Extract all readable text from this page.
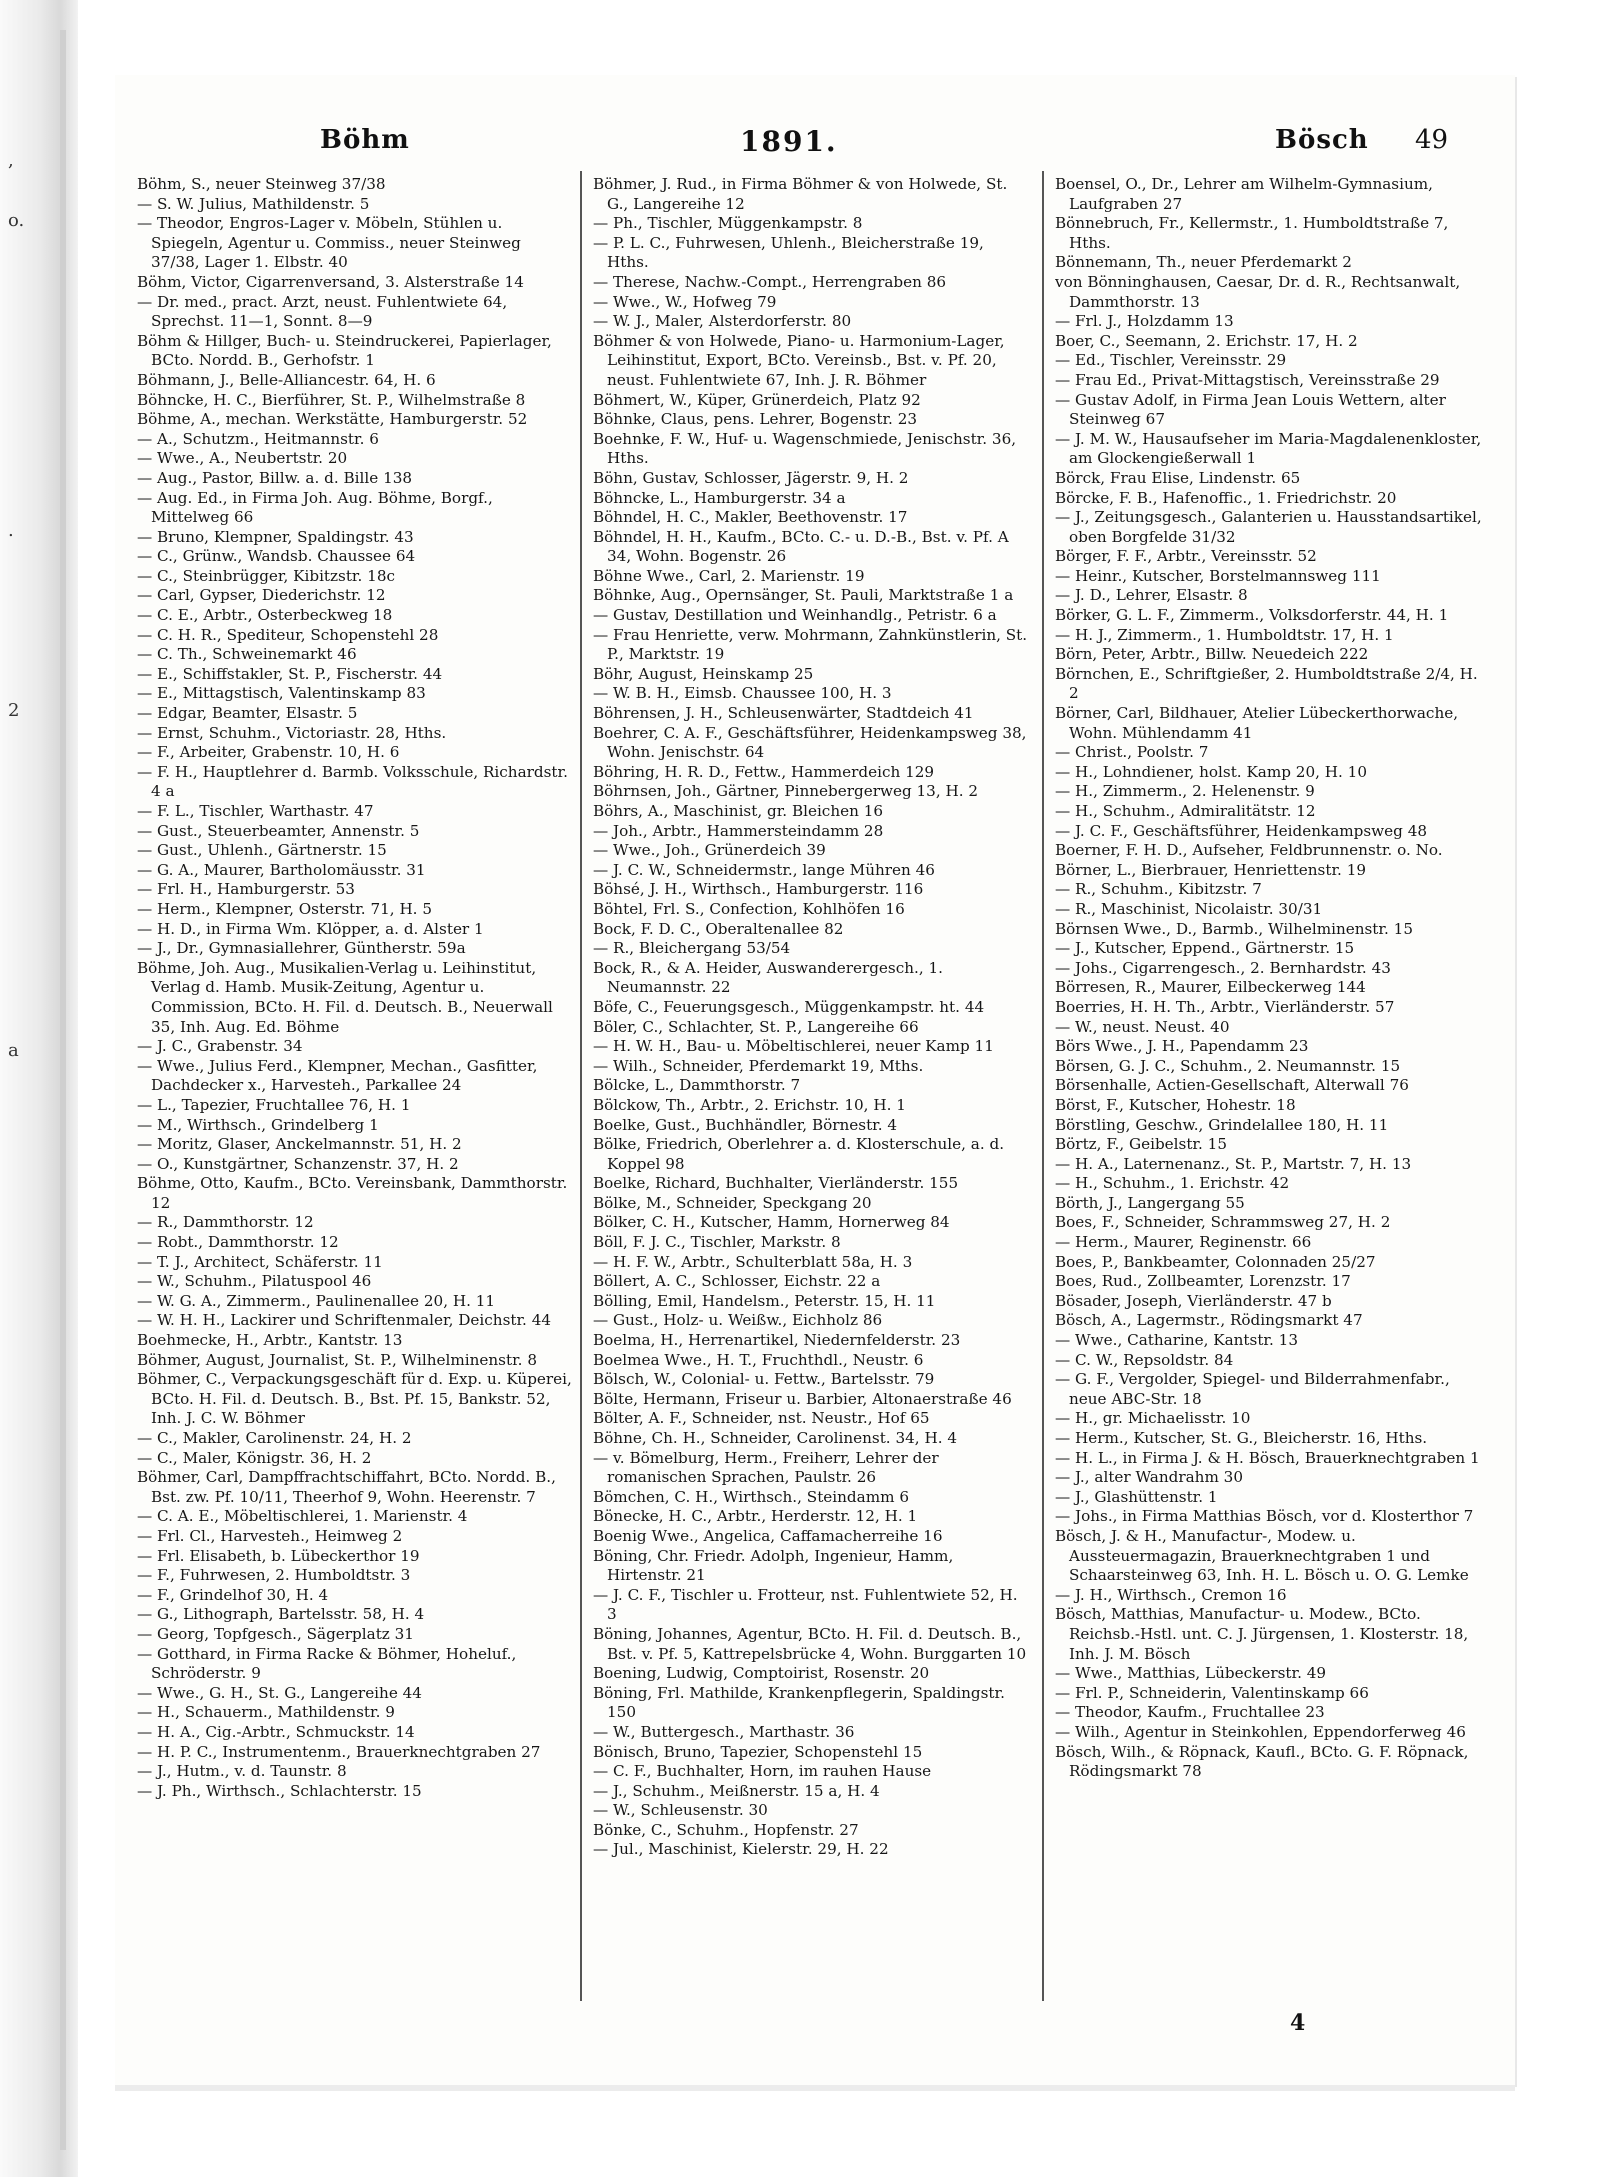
,
o.
.
2
a
Böhm	1891.	Bösch 49

Böhm, S., neuer Steinweg 37/38

— S. W. Julius, Mathildenstr. 5

— Theodor, Engros-Lager v. Möbeln, Stühlen u. Spiegeln, Agentur u. Commiss., neuer Steinweg 37/38, Lager 1. Elbstr. 40

Böhm, Victor, Cigarrenversand, 3. Alsterstraße 14

— Dr. med., pract. Arzt, neust. Fuhlentwiete 64, Sprechst. 11—1, Sonnt. 8—9

Böhm & Hillger, Buch- u. Steindruckerei, Papierlager, BCto. Nordd. B., Gerhofstr. 1

Böhmann, J., Belle-Alliancestr. 64, H. 6

Böhncke, H. C., Bierführer, St. P., Wilhelmstraße 8

Böhme, A., mechan. Werkstätte, Hamburgerstr. 52

— A., Schutzm., Heitmannstr. 6

— Wwe., A., Neubertstr. 20

— Aug., Pastor, Billw. a. d. Bille 138

— Aug. Ed., in Firma Joh. Aug. Böhme, Borgf., Mittelweg 66

— Bruno, Klempner, Spaldingstr. 43

— C., Grünw., Wandsb. Chaussee 64

— C., Steinbrügger, Kibitzstr. 18c

— Carl, Gypser, Diederichstr. 12

— C. E., Arbtr., Osterbeckweg 18

— C. H. R., Spediteur, Schopenstehl 28

— C. Th., Schweinemarkt 46

— E., Schiffstakler, St. P., Fischerstr. 44

— E., Mittagstisch, Valentinskamp 83

— Edgar, Beamter, Elsastr. 5

— Ernst, Schuhm., Victoriastr. 28, Hths.

— F., Arbeiter, Grabenstr. 10, H. 6

— F. H., Hauptlehrer d. Barmb. Volksschule, Richardstr. 4 a

— F. L., Tischler, Warthastr. 47

— Gust., Steuerbeamter, Annenstr. 5

— Gust., Uhlenh., Gärtnerstr. 15

— G. A., Maurer, Bartholomäusstr. 31

— Frl. H., Hamburgerstr. 53

— Herm., Klempner, Osterstr. 71, H. 5

— H. D., in Firma Wm. Klöpper, a. d. Alster 1

— J., Dr., Gymnasiallehrer, Güntherstr. 59a

Böhme, Joh. Aug., Musikalien-Verlag u. Leihinstitut, Verlag d. Hamb. Musik-Zeitung, Agentur u. Commission, BCto. H. Fil. d. Deutsch. B., Neuerwall 35, Inh. Aug. Ed. Böhme

— J. C., Grabenstr. 34

— Wwe., Julius Ferd., Klempner, Mechan., Gasfitter, Dachdecker x., Harvesteh., Parkallee 24

— L., Tapezier, Fruchtallee 76, H. 1

— M., Wirthsch., Grindelberg 1

— Moritz, Glaser, Anckelmannstr. 51, H. 2

— O., Kunstgärtner, Schanzenstr. 37, H. 2

Böhme, Otto, Kaufm., BCto. Vereinsbank, Dammthorstr. 12

— R., Dammthorstr. 12

— Robt., Dammthorstr. 12

— T. J., Architect, Schäferstr. 11

— W., Schuhm., Pilatuspool 46

— W. G. A., Zimmerm., Paulinenallee 20, H. 11

— W. H. H., Lackirer und Schriftenmaler, Deichstr. 44

Boehmecke, H., Arbtr., Kantstr. 13

Böhmer, August, Journalist, St. P., Wilhelminenstr. 8

Böhmer, C., Verpackungsgeschäft für d. Exp. u. Küperei, BCto. H. Fil. d. Deutsch. B., Bst. Pf. 15, Bankstr. 52, Inh. J. C. W. Böhmer

— C., Makler, Carolinenstr. 24, H. 2

— C., Maler, Königstr. 36, H. 2

Böhmer, Carl, Dampffrachtschiffahrt, BCto. Nordd. B., Bst. zw. Pf. 10/11, Theerhof 9, Wohn. Heerenstr. 7

— C. A. E., Möbeltischlerei, 1. Marienstr. 4

— Frl. Cl., Harvesteh., Heimweg 2

— Frl. Elisabeth, b. Lübeckerthor 19

— F., Fuhrwesen, 2. Humboldtstr. 3

— F., Grindelhof 30, H. 4

— G., Lithograph, Bartelsstr. 58, H. 4

— Georg, Topfgesch., Sägerplatz 31

— Gotthard, in Firma Racke & Böhmer, Hoheluf., Schröderstr. 9

— Wwe., G. H., St. G., Langereihe 44

— H., Schauerm., Mathildenstr. 9

— H. A., Cig.-Arbtr., Schmuckstr. 14

— H. P. C., Instrumentenm., Brauerknechtgraben 27

— J., Hutm., v. d. Taunstr. 8

— J. Ph., Wirthsch., Schlachterstr. 15

Böhmer, J. Rud., in Firma Böhmer & von Holwede, St. G., Langereihe 12

— Ph., Tischler, Müggenkampstr. 8

— P. L. C., Fuhrwesen, Uhlenh., Bleicherstraße 19, Hths.

— Therese, Nachw.-Compt., Herrengraben 86

— Wwe., W., Hofweg 79

— W. J., Maler, Alsterdorferstr. 80

Böhmer & von Holwede, Piano- u. Harmonium-Lager, Leihinstitut, Export, BCto. Vereinsb., Bst. v. Pf. 20, neust. Fuhlentwiete 67, Inh. J. R. Böhmer

Böhmert, W., Küper, Grünerdeich, Platz 92

Böhnke, Claus, pens. Lehrer, Bogenstr. 23

Boehnke, F. W., Huf- u. Wagenschmiede, Jenischstr. 36, Hths.

Böhn, Gustav, Schlosser, Jägerstr. 9, H. 2

Böhncke, L., Hamburgerstr. 34 a

Böhndel, H. C., Makler, Beethovenstr. 17

Böhndel, H. H., Kaufm., BCto. C.- u. D.-B., Bst. v. Pf. A 34, Wohn. Bogenstr. 26

Böhne Wwe., Carl, 2. Marienstr. 19

Böhnke, Aug., Opernsänger, St. Pauli, Marktstraße 1 a

— Gustav, Destillation und Weinhandlg., Petristr. 6 a

— Frau Henriette, verw. Mohrmann, Zahnkünstlerin, St. P., Marktstr. 19

Böhr, August, Heinskamp 25

— W. B. H., Eimsb. Chaussee 100, H. 3

Böhrensen, J. H., Schleusenwärter, Stadtdeich 41

Boehrer, C. A. F., Geschäftsführer, Heidenkampsweg 38, Wohn. Jenischstr. 64

Böhring, H. R. D., Fettw., Hammerdeich 129

Böhrnsen, Joh., Gärtner, Pinnebergerweg 13, H. 2

Böhrs, A., Maschinist, gr. Bleichen 16

— Joh., Arbtr., Hammersteindamm 28

— Wwe., Joh., Grünerdeich 39

— J. C. W., Schneidermstr., lange Mühren 46

Böhsé, J. H., Wirthsch., Hamburgerstr. 116

Böhtel, Frl. S., Confection, Kohlhöfen 16

Bock, F. D. C., Oberaltenallee 82

— R., Bleichergang 53/54

Bock, R., & A. Heider, Auswanderergesch., 1. Neumannstr. 22

Böfe, C., Feuerungsgesch., Müggenkampstr. ht. 44

Böler, C., Schlachter, St. P., Langereihe 66

— H. W. H., Bau- u. Möbeltischlerei, neuer Kamp 11

— Wilh., Schneider, Pferdemarkt 19, Mths.

Bölcke, L., Dammthorstr. 7

Bölckow, Th., Arbtr., 2. Erichstr. 10, H. 1

Boelke, Gust., Buchhändler, Börnestr. 4

Bölke, Friedrich, Oberlehrer a. d. Klosterschule, a. d. Koppel 98

Boelke, Richard, Buchhalter, Vierländerstr. 155

Bölke, M., Schneider, Speckgang 20

Bölker, C. H., Kutscher, Hamm, Hornerweg 84

Böll, F. J. C., Tischler, Markstr. 8

— H. F. W., Arbtr., Schulterblatt 58a, H. 3

Böllert, A. C., Schlosser, Eichstr. 22 a

Bölling, Emil, Handelsm., Peterstr. 15, H. 11

— Gust., Holz- u. Weißw., Eichholz 86

Boelma, H., Herrenartikel, Niedernfelderstr. 23

Boelmea Wwe., H. T., Fruchthdl., Neustr. 6

Bölsch, W., Colonial- u. Fettw., Bartelsstr. 79

Bölte, Hermann, Friseur u. Barbier, Altonaerstraße 46

Bölter, A. F., Schneider, nst. Neustr., Hof 65

Böhne, Ch. H., Schneider, Carolinenst. 34, H. 4

— v. Bömelburg, Herm., Freiherr, Lehrer der romanischen Sprachen, Paulstr. 26

Bömchen, C. H., Wirthsch., Steindamm 6

Bönecke, H. C., Arbtr., Herderstr. 12, H. 1

Boenig Wwe., Angelica, Caffamacherreihe 16

Böning, Chr. Friedr. Adolph, Ingenieur, Hamm, Hirtenstr. 21

— J. C. F., Tischler u. Frotteur, nst. Fuhlentwiete 52, H. 3

Böning, Johannes, Agentur, BCto. H. Fil. d. Deutsch. B., Bst. v. Pf. 5, Kattrepelsbrücke 4, Wohn. Burggarten 10

Boening, Ludwig, Comptoirist, Rosenstr. 20

Böning, Frl. Mathilde, Krankenpflegerin, Spaldingstr. 150

— W., Buttergesch., Marthastr. 36

Bönisch, Bruno, Tapezier, Schopenstehl 15

— C. F., Buchhalter, Horn, im rauhen Hause

— J., Schuhm., Meißnerstr. 15 a, H. 4

— W., Schleusenstr. 30

Bönke, C., Schuhm., Hopfenstr. 27

— Jul., Maschinist, Kielerstr. 29, H. 22

Boensel, O., Dr., Lehrer am Wilhelm-Gymnasium, Laufgraben 27

Bönnebruch, Fr., Kellermstr., 1. Humboldtstraße 7, Hths.

Bönnemann, Th., neuer Pferdemarkt 2

von Bönninghausen, Caesar, Dr. d. R., Rechtsanwalt, Dammthorstr. 13

— Frl. J., Holzdamm 13

Boer, C., Seemann, 2. Erichstr. 17, H. 2

— Ed., Tischler, Vereinsstr. 29

— Frau Ed., Privat-Mittagstisch, Vereinsstraße 29

— Gustav Adolf, in Firma Jean Louis Wettern, alter Steinweg 67

— J. M. W., Hausaufseher im Maria-Magdalenenkloster, am Glockengießerwall 1

Börck, Frau Elise, Lindenstr. 65

Börcke, F. B., Hafenoffic., 1. Friedrichstr. 20

— J., Zeitungsgesch., Galanterien u. Hausstandsartikel, oben Borgfelde 31/32

Börger, F. F., Arbtr., Vereinsstr. 52

— Heinr., Kutscher, Borstelmannsweg 111

— J. D., Lehrer, Elsastr. 8

Börker, G. L. F., Zimmerm., Volksdorferstr. 44, H. 1

— H. J., Zimmerm., 1. Humboldtstr. 17, H. 1

Börn, Peter, Arbtr., Billw. Neuedeich 222

Börnchen, E., Schriftgießer, 2. Humboldtstraße 2/4, H. 2

Börner, Carl, Bildhauer, Atelier Lübeckerthorwache, Wohn. Mühlendamm 41

— Christ., Poolstr. 7

— H., Lohndiener, holst. Kamp 20, H. 10

— H., Zimmerm., 2. Helenenstr. 9

— H., Schuhm., Admiralitätstr. 12

— J. C. F., Geschäftsführer, Heidenkampsweg 48

Boerner, F. H. D., Aufseher, Feldbrunnenstr. o. No.

Börner, L., Bierbrauer, Henriettenstr. 19

— R., Schuhm., Kibitzstr. 7

— R., Maschinist, Nicolaistr. 30/31

Börnsen Wwe., D., Barmb., Wilhelminenstr. 15

— J., Kutscher, Eppend., Gärtnerstr. 15

— Johs., Cigarrengesch., 2. Bernhardstr. 43

Börresen, R., Maurer, Eilbeckerweg 144

Boerries, H. H. Th., Arbtr., Vierländerstr. 57

— W., neust. Neust. 40

Börs Wwe., J. H., Papendamm 23

Börsen, G. J. C., Schuhm., 2. Neumannstr. 15

Börsenhalle, Actien-Gesellschaft, Alterwall 76

Börst, F., Kutscher, Hohestr. 18

Börstling, Geschw., Grindelallee 180, H. 11

Börtz, F., Geibelstr. 15

— H. A., Laternenanz., St. P., Martstr. 7, H. 13

— H., Schuhm., 1. Erichstr. 42

Börth, J., Langergang 55

Boes, F., Schneider, Schrammsweg 27, H. 2

— Herm., Maurer, Reginenstr. 66

Boes, P., Bankbeamter, Colonnaden 25/27

Boes, Rud., Zollbeamter, Lorenzstr. 17

Bösader, Joseph, Vierländerstr. 47 b

Bösch, A., Lagermstr., Rödingsmarkt 47

— Wwe., Catharine, Kantstr. 13

— C. W., Repsoldstr. 84

— G. F., Vergolder, Spiegel- und Bilderrahmenfabr., neue ABC-Str. 18

— H., gr. Michaelisstr. 10

— Herm., Kutscher, St. G., Bleicherstr. 16, Hths.

— H. L., in Firma J. & H. Bösch, Brauerknechtgraben 1

— J., alter Wandrahm 30

— J., Glashüttenstr. 1

— Johs., in Firma Matthias Bösch, vor d. Klosterthor 7

Bösch, J. & H., Manufactur-, Modew. u. Aussteuermagazin, Brauerknechtgraben 1 und Schaarsteinweg 63, Inh. H. L. Bösch u. O. G. Lemke

— J. H., Wirthsch., Cremon 16

Bösch, Matthias, Manufactur- u. Modew., BCto. Reichsb.-Hstl. unt. C. J. Jürgensen, 1. Klosterstr. 18, Inh. J. M. Bösch

— Wwe., Matthias, Lübeckerstr. 49

— Frl. P., Schneiderin, Valentinskamp 66

— Theodor, Kaufm., Fruchtallee 23

— Wilh., Agentur in Steinkohlen, Eppendorferweg 46

Bösch, Wilh., & Röpnack, Kaufl., BCto. G. F. Röpnack, Rödingsmarkt 78

4
